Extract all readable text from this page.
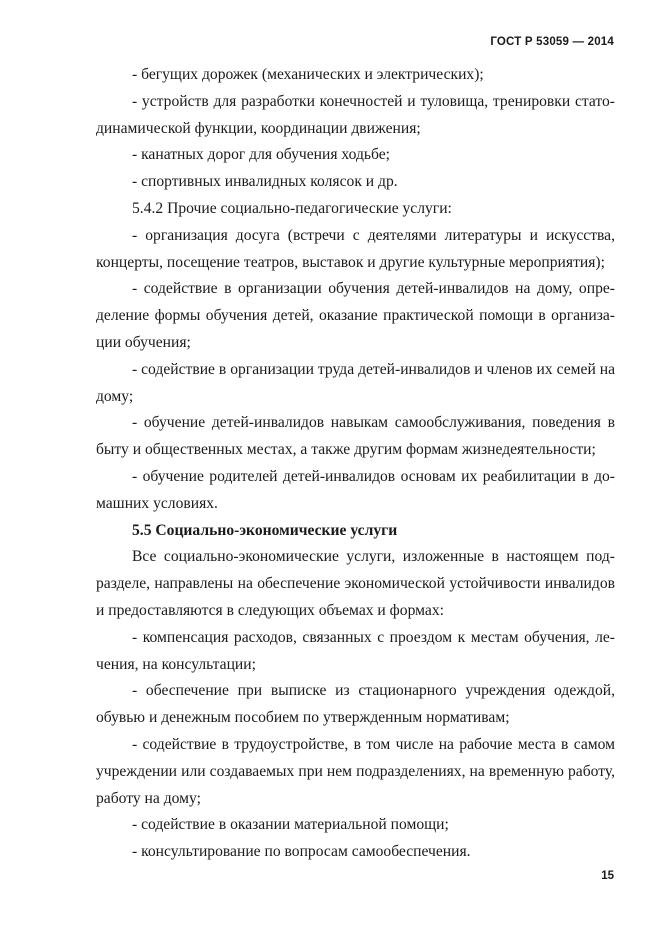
ГОСТ Р 53059 — 2014

- бегущих дорожек (механических и электрических);

- устройств для разработки конечностей и туловища, тренировки стато-динамической функции, координации движения;

- канатных дорог для обучения ходьбе;

- спортивных инвалидных колясок и др.

5.4.2 Прочие социально-педагогические услуги:

- организация досуга (встречи с деятелями литературы и искусства, концерты, посещение театров, выставок и другие культурные мероприятия);

- содействие в организации обучения детей-инвалидов на дому, опре-деление формы обучения детей, оказание практической помощи в организа-ции обучения;

- содействие в организации труда детей-инвалидов и членов их семей на дому;

- обучение детей-инвалидов навыкам самообслуживания, поведения в быту и общественных местах, а также другим формам жизнедеятельности;

- обучение родителей детей-инвалидов основам их реабилитации в до-машних условиях.

5.5 Социально-экономические услуги

Все социально-экономические услуги, изложенные в настоящем под-разделе, направлены на обеспечение экономической устойчивости инвалидов и предоставляются в следующих объемах и формах:

- компенсация расходов, связанных с проездом к местам обучения, ле-чения, на консультации;

- обеспечение при выписке из стационарного учреждения одеждой, обувью и денежным пособием по утвержденным нормативам;

- содействие в трудоустройстве, в том числе на рабочие места в самом учреждении или создаваемых при нем подразделениях, на временную работу, работу на дому;

- содействие в оказании материальной помощи;

- консультирование по вопросам самообеспечения.

15
